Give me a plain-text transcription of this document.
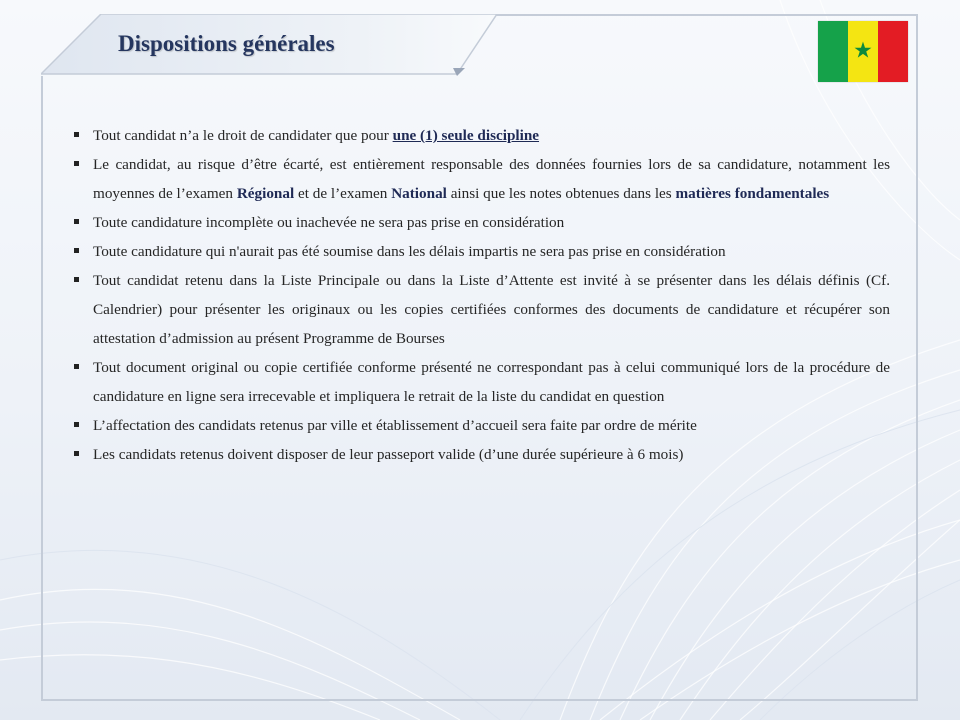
Dispositions générales	★
Tout candidat n’a le droit de candidater que pour une (1) seule discipline
Le candidat, au risque d’être écarté, est entièrement responsable des données fournies lors de sa candidature, notamment les moyennes de l’examen Régional et de l’examen National ainsi que les notes obtenues dans les matières fondamentales
Toute candidature incomplète ou inachevée ne sera pas prise en considération
Toute candidature qui n'aurait pas été soumise dans les délais impartis ne sera pas prise en considération
Tout candidat retenu dans la Liste Principale ou dans la Liste d’Attente est invité à se présenter dans les délais définis (Cf. Calendrier) pour présenter les originaux ou les copies certifiées conformes des documents de candidature et récupérer son attestation d’admission au présent Programme de Bourses
Tout document original ou copie certifiée conforme présenté ne correspondant pas à celui communiqué lors de la procédure de candidature en ligne sera irrecevable et impliquera le retrait de la liste du candidat en question
L’affectation des candidats retenus par ville et établissement d’accueil sera faite par ordre de mérite
Les candidats retenus doivent disposer de leur passeport valide (d’une durée supérieure à 6 mois)
